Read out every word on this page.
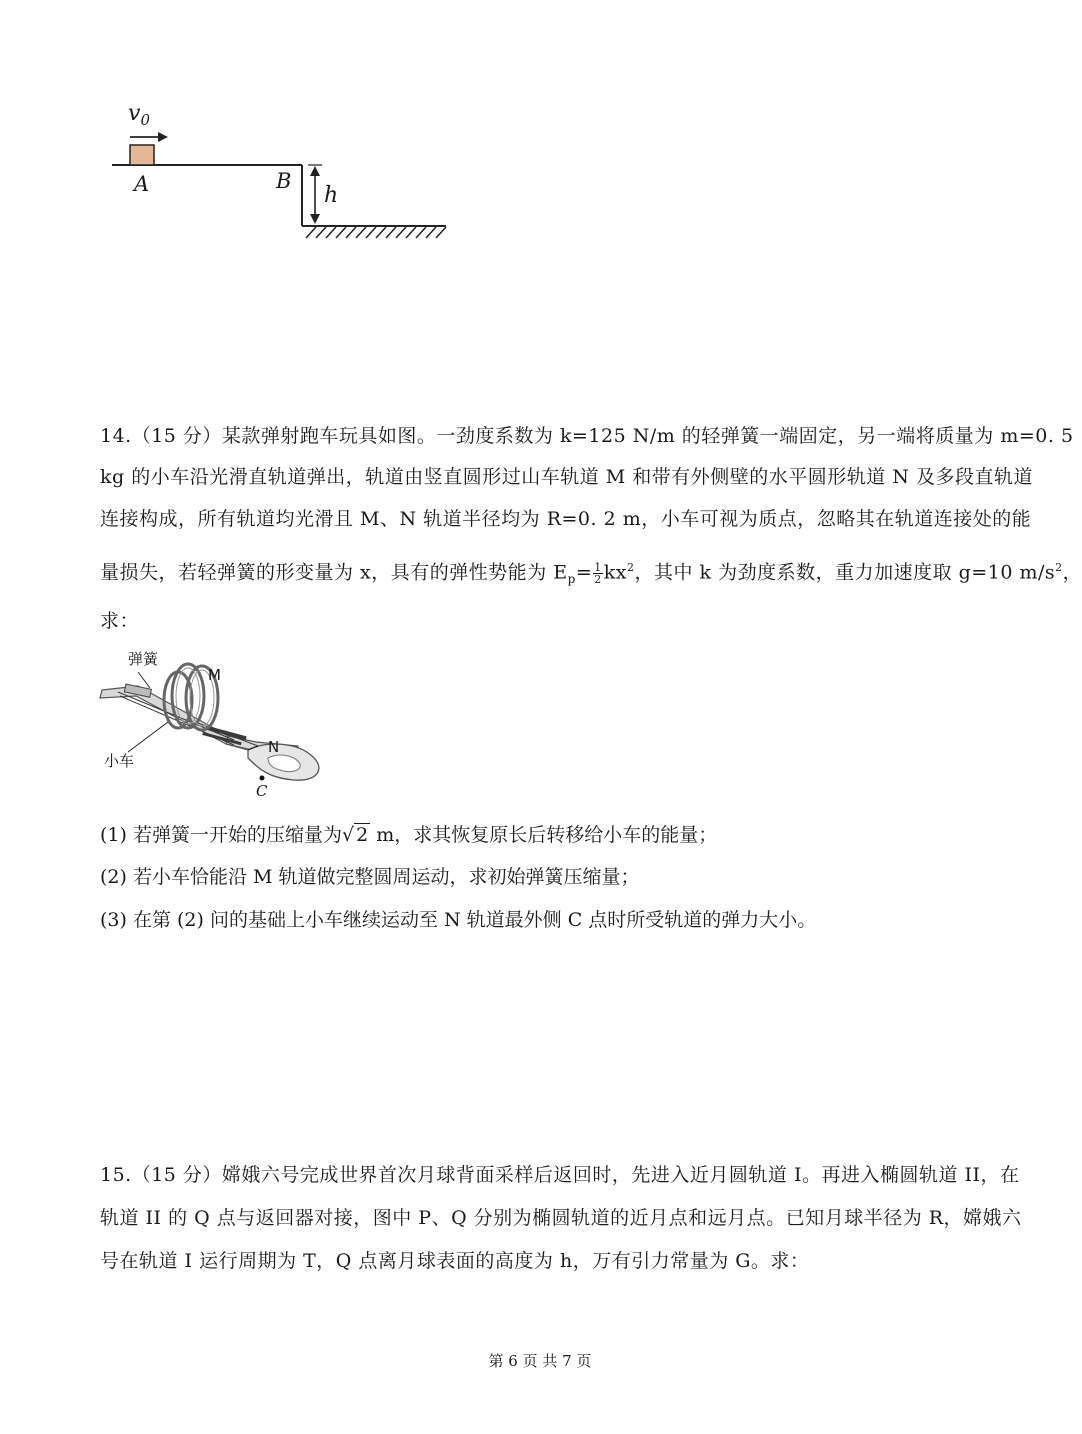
$v_0$
A	B
h
14.（15 分）某款弹射跑车玩具如图。一劲度系数为 k=125 N/m 的轻弹簧一端固定，另一端将质量为 m=0. 5
kg 的小车沿光滑直轨道弹出，轨道由竖直圆形过山车轨道 M 和带有外侧壁的水平圆形轨道 N 及多段直轨道
连接构成，所有轨道均光滑且 M、N 轨道半径均为 R=0. 2 m，小车可视为质点，忽略其在轨道连接处的能
量损失，若轻弹簧的形变量为 x，具有的弹性势能为 $E_p= \frac{1}{2} kx^2$，其中 k 为劲度系数，重力加速度取 g=10 $m/s^2$，
求：
弹簧
M
小车
N
C
(1) 若弹簧一开始的压缩量为√ 2 m，求其恢复原长后转移给小车的能量；
(2) 若小车恰能沿 M 轨道做完整圆周运动，求初始弹簧压缩量；
(3) 在第 (2) 问的基础上小车继续运动至 N 轨道最外侧 C 点时所受轨道的弹力大小。
15.（15 分）嫦娥六号完成世界首次月球背面采样后返回时，先进入近月圆轨道 I。再进入椭圆轨道 II，在
轨道 II 的 Q 点与返回器对接，图中 P、Q 分别为椭圆轨道的近月点和远月点。已知月球半径为 R，嫦娥六
号在轨道 I 运行周期为 T，Q 点离月球表面的高度为 h，万有引力常量为 G。求：
第 6 页 共 7 页
